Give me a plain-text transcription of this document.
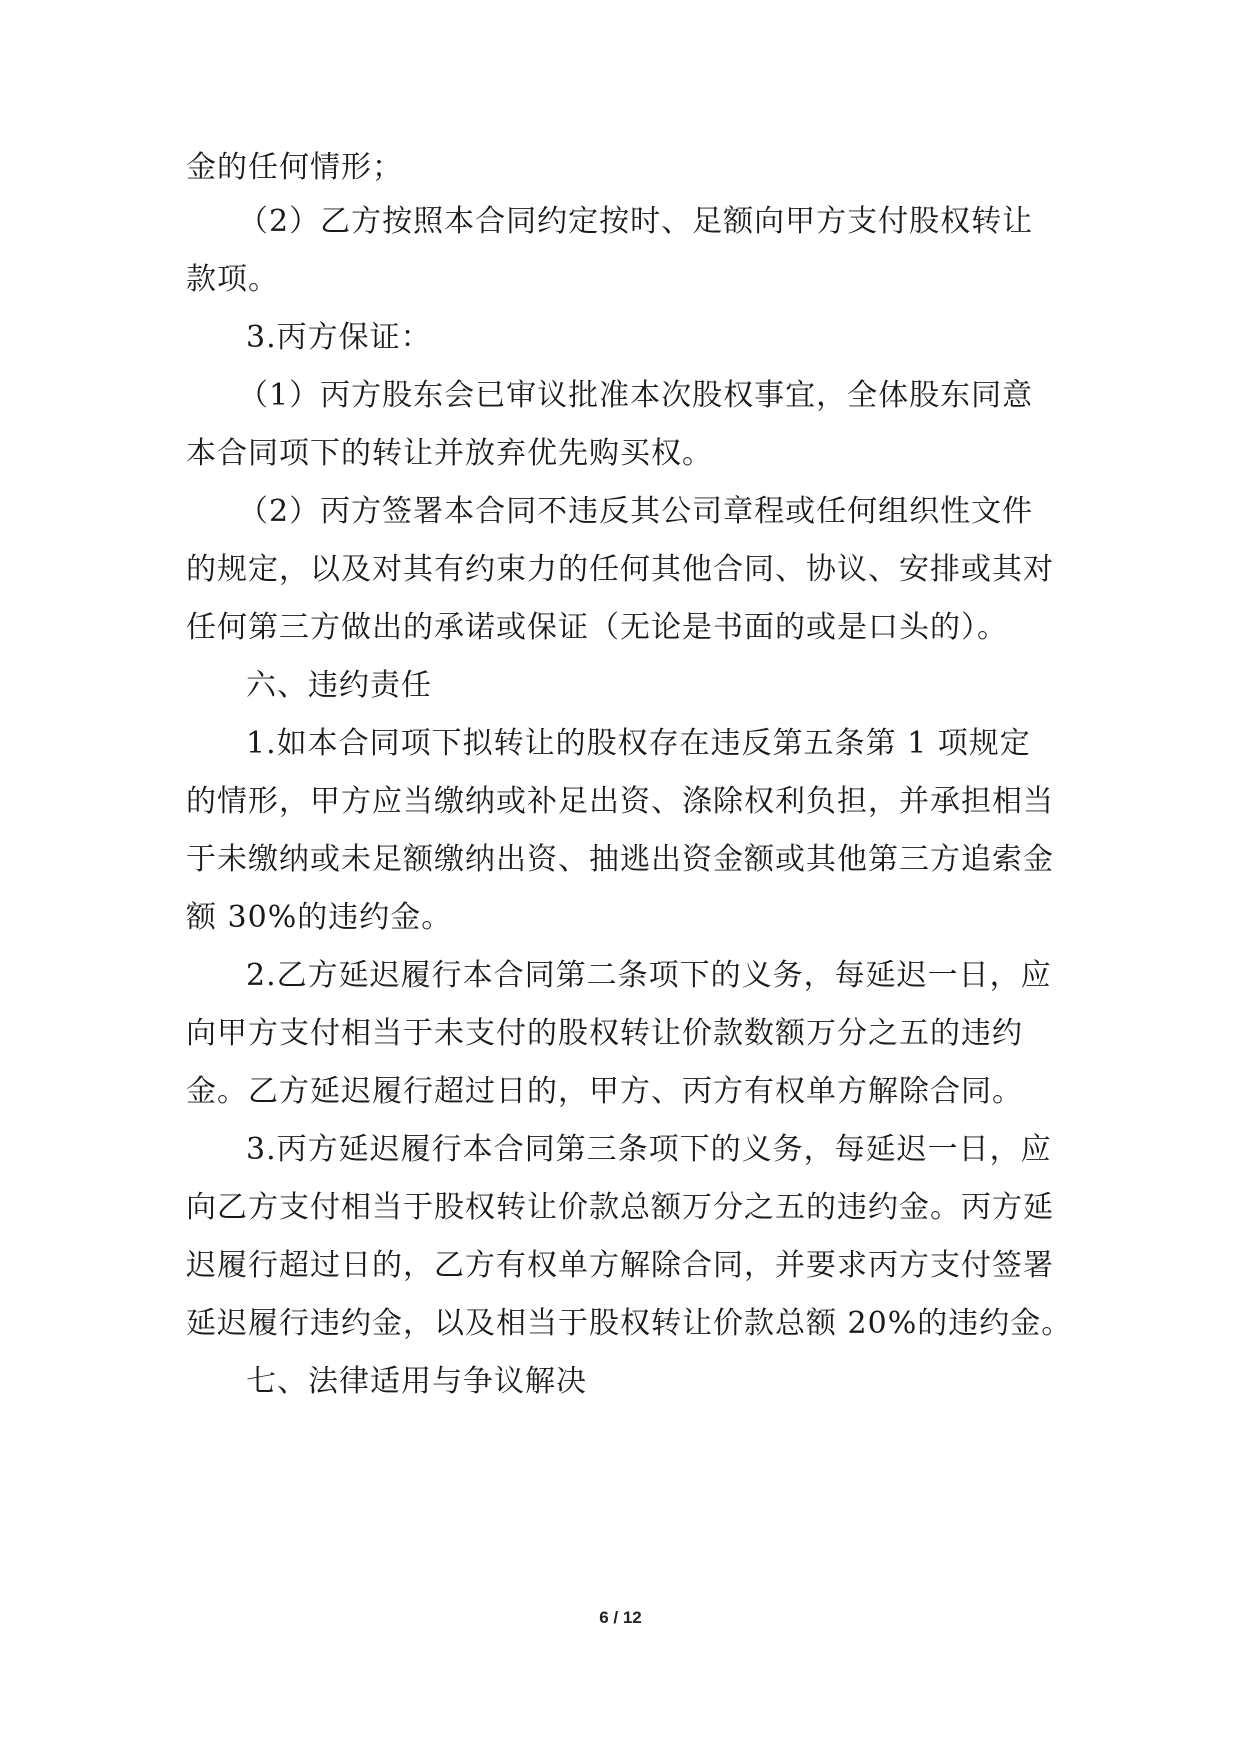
金的任何情形；
（2）乙方按照本合同约定按时、足额向甲方支付股权转让
款项。
3.丙方保证：
（1）丙方股东会已审议批准本次股权事宜，全体股东同意
本合同项下的转让并放弃优先购买权。
（2）丙方签署本合同不违反其公司章程或任何组织性文件
的规定，以及对其有约束力的任何其他合同、协议、安排或其对
任何第三方做出的承诺或保证（无论是书面的或是口头的）。
六、违约责任
1.如本合同项下拟转让的股权存在违反第五条第 1 项规定
的情形，甲方应当缴纳或补足出资、涤除权利负担，并承担相当
于未缴纳或未足额缴纳出资、抽逃出资金额或其他第三方追索金
额 30%的违约金。
2.乙方延迟履行本合同第二条项下的义务，每延迟一日，应
向甲方支付相当于未支付的股权转让价款数额万分之五的违约
金。乙方延迟履行超过日的，甲方、丙方有权单方解除合同。
3.丙方延迟履行本合同第三条项下的义务，每延迟一日，应
向乙方支付相当于股权转让价款总额万分之五的违约金。丙方延
迟履行超过日的，乙方有权单方解除合同，并要求丙方支付签署
延迟履行违约金，以及相当于股权转让价款总额 20%的违约金。
七、法律适用与争议解决
6 / 12
